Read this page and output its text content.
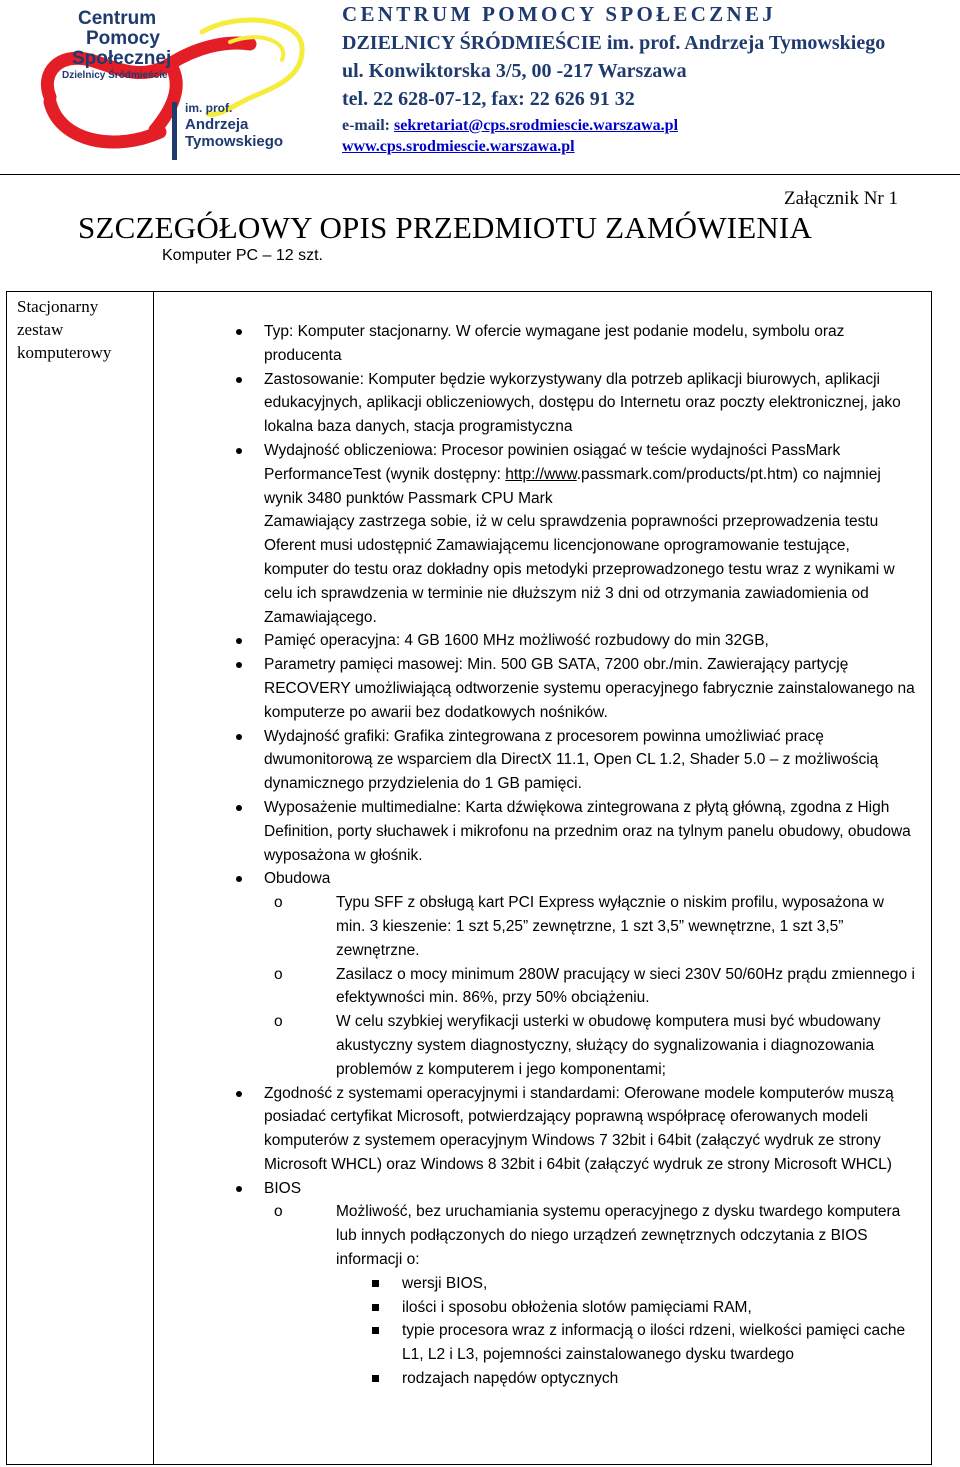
Centrum
Pomocy
Społecznej
Dzielnicy Śródmieście
im. prof.
Andrzeja
Tymowskiego
CENTRUM POMOCY SPOŁECZNEJ
DZIELNICY ŚRÓDMIEŚCIE im. prof. Andrzeja Tymowskiego
ul. Konwiktorska 3/5, 00 -217 Warszawa
tel. 22 628-07-12, fax: 22 626 91 32
e-mail: sekretariat@cps.srodmiescie.warszawa.pl
www.cps.srodmiescie.warszawa.pl
Załącznik Nr 1
SZCZEGÓŁOWY OPIS PRZEDMIOTU ZAMÓWIENIA
Komputer PC – 12 szt.
Stacjonarny zestaw komputerowy
Typ: Komputer stacjonarny. W ofercie wymagane jest podanie modelu, symbolu oraz producenta
Zastosowanie: Komputer będzie wykorzystywany dla potrzeb aplikacji biurowych, aplikacji edukacyjnych, aplikacji obliczeniowych, dostępu do Internetu oraz poczty elektronicznej, jako lokalna baza danych, stacja programistyczna
Wydajność obliczeniowa: Procesor powinien osiągać w teście wydajności PassMark PerformanceTest (wynik dostępny: http://www.passmark.com/products/pt.htm) co najmniej wynik 3480 punktów Passmark CPU Mark
Zamawiający zastrzega sobie, iż w celu sprawdzenia poprawności przeprowadzenia testu Oferent musi udostępnić Zamawiającemu licencjonowane oprogramowanie testujące, komputer do testu oraz dokładny opis metodyki przeprowadzonego testu wraz z wynikami w celu ich sprawdzenia w terminie nie dłuższym niż 3 dni od otrzymania zawiadomienia od Zamawiającego.
Pamięć operacyjna: 4 GB 1600 MHz możliwość rozbudowy do min 32GB,
Parametry pamięci masowej: Min. 500 GB SATA, 7200 obr./min. Zawierający partycję RECOVERY umożliwiającą odtworzenie systemu operacyjnego fabrycznie zainstalowanego na komputerze po awarii bez dodatkowych nośników.
Wydajność grafiki: Grafika zintegrowana z procesorem powinna umożliwiać pracę dwumonitorową ze wsparciem dla DirectX 11.1, Open CL 1.2, Shader 5.0 – z możliwością dynamicznego przydzielenia do 1 GB pamięci.
Wyposażenie multimedialne: Karta dźwiękowa zintegrowana z płytą główną, zgodna z High Definition, porty słuchawek i mikrofonu na przednim oraz na tylnym panelu obudowy, obudowa wyposażona w głośnik.
Obudowa
o Typu SFF z obsługą kart PCI Express wyłącznie o niskim profilu, wyposażona w min. 3 kieszenie: 1 szt 5,25” zewnętrzne, 1 szt 3,5” wewnętrzne, 1 szt 3,5” zewnętrzne.
o Zasilacz o mocy minimum 280W pracujący w sieci 230V 50/60Hz prądu zmiennego i efektywności min. 86%, przy 50% obciążeniu.
o W celu szybkiej weryfikacji usterki w obudowę komputera musi być wbudowany akustyczny system diagnostyczny, służący do sygnalizowania i diagnozowania problemów z komputerem i jego komponentami;
Zgodność z systemami operacyjnymi i standardami: Oferowane modele komputerów muszą posiadać certyfikat Microsoft, potwierdzający poprawną współpracę oferowanych modeli komputerów z systemem operacyjnym Windows 7 32bit i 64bit (załączyć wydruk ze strony Microsoft WHCL) oraz Windows 8 32bit i 64bit (załączyć wydruk ze strony Microsoft WHCL)
BIOS
o Możliwość, bez uruchamiania systemu operacyjnego z dysku twardego komputera lub innych podłączonych do niego urządzeń zewnętrznych odczytania z BIOS informacji o:
wersji BIOS,
ilości i sposobu obłożenia slotów pamięciami RAM,
typie procesora wraz z informacją o ilości rdzeni, wielkości pamięci cache L1, L2 i L3, pojemności zainstalowanego dysku twardego
rodzajach napędów optycznych
